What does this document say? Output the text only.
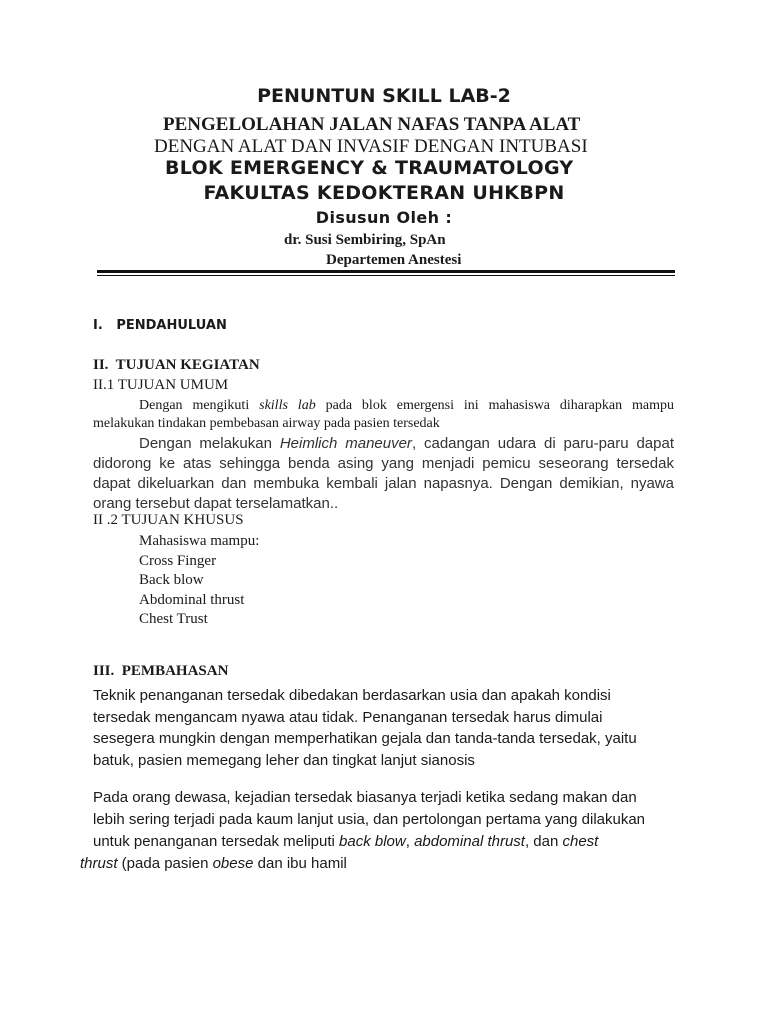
PENUNTUN SKILL LAB-2
PENGELOLAHAN JALAN NAFAS TANPA ALAT
DENGAN ALAT DAN INVASIF DENGAN INTUBASI
BLOK EMERGENCY & TRAUMATOLOGY
FAKULTAS KEDOKTERAN UHKBPN
Disusun Oleh :
dr. Susi Sembiring, SpAn
Departemen Anestesi
I.   PENDAHULUAN
II.  TUJUAN KEGIATAN
II.1 TUJUAN UMUM
Dengan mengikuti skills lab pada blok emergensi ini mahasiswa diharapkan mampu
melakukan tindakan pembebasan airway pada pasien tersedak
Dengan melakukan Heimlich maneuver, cadangan udara di paru-paru dapat
didorong ke atas sehingga benda asing yang menjadi pemicu seseorang tersedak
dapat dikeluarkan dan membuka kembali jalan napasnya. Dengan demikian, nyawa
orang tersebut dapat terselamatkan..
II .2 TUJUAN KHUSUS
Mahasiswa mampu:
Cross Finger
Back blow
Abdominal thrust
Chest Trust
III.  PEMBAHASAN
Teknik penanganan tersedak dibedakan berdasarkan usia dan apakah kondisi
tersedak mengancam nyawa atau tidak. Penanganan tersedak harus dimulai
sesegera mungkin dengan memperhatikan gejala dan tanda-tanda tersedak, yaitu
batuk, pasien memegang leher dan tingkat lanjut sianosis
Pada orang dewasa, kejadian tersedak biasanya terjadi ketika sedang makan dan
lebih sering terjadi pada kaum lanjut usia, dan pertolongan pertama yang dilakukan
untuk penanganan tersedak meliputi back blow, abdominal thrust, dan chest
thrust (pada pasien obese dan ibu hamil
